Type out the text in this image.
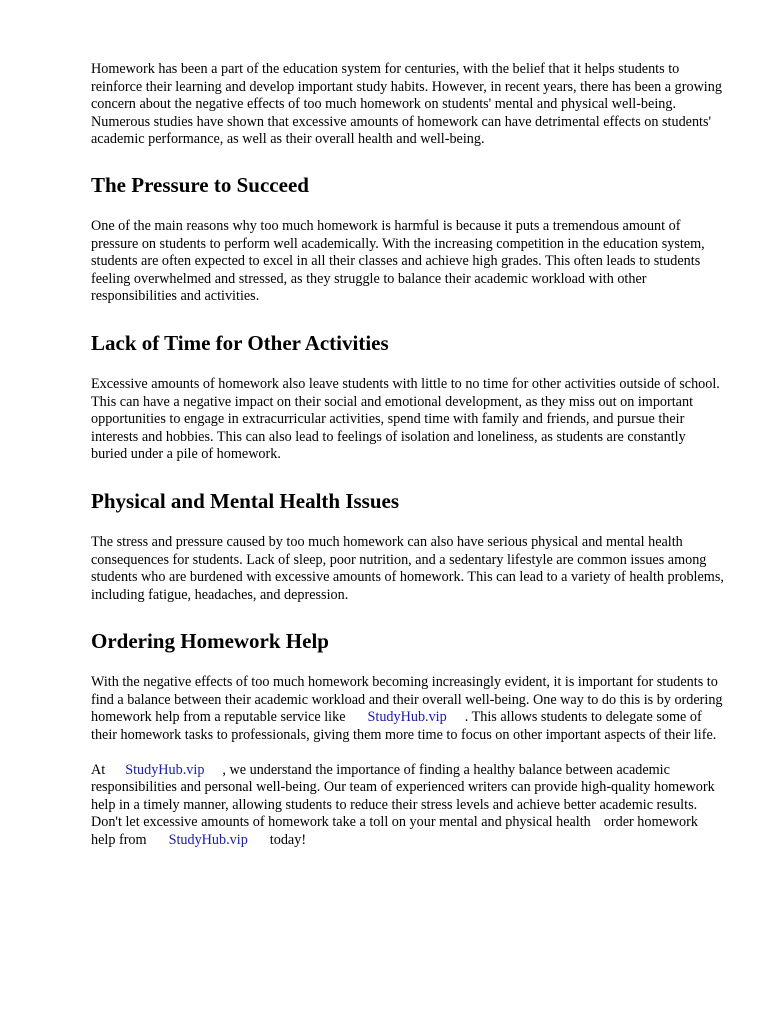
Homework has been a part of the education system for centuries, with the belief that it helps students to reinforce their learning and develop important study habits. However, in recent years, there has been a growing concern about the negative effects of too much homework on students' mental and physical well-being. Numerous studies have shown that excessive amounts of homework can have detrimental effects on students' academic performance, as well as their overall health and well-being.

The Pressure to Succeed

One of the main reasons why too much homework is harmful is because it puts a tremendous amount of pressure on students to perform well academically. With the increasing competition in the education system, students are often expected to excel in all their classes and achieve high grades. This often leads to students feeling overwhelmed and stressed, as they struggle to balance their academic workload with other responsibilities and activities.

Lack of Time for Other Activities

Excessive amounts of homework also leave students with little to no time for other activities outside of school. This can have a negative impact on their social and emotional development, as they miss out on important opportunities to engage in extracurricular activities, spend time with family and friends, and pursue their interests and hobbies. This can also lead to feelings of isolation and loneliness, as students are constantly buried under a pile of homework.

Physical and Mental Health Issues

The stress and pressure caused by too much homework can also have serious physical and mental health consequences for students. Lack of sleep, poor nutrition, and a sedentary lifestyle are common issues among students who are burdened with excessive amounts of homework. This can lead to a variety of health problems, including fatigue, headaches, and depression.

Ordering Homework Help

With the negative effects of too much homework becoming increasingly evident, it is important for students to find a balance between their academic workload and their overall well-being. One way to do this is by ordering homework help from a reputable service like StudyHub.vip . This allows students to delegate some of their homework tasks to professionals, giving them more time to focus on other important aspects of their life.

At StudyHub.vip , we understand the importance of finding a healthy balance between academic responsibilities and personal well-being. Our team of experienced writers can provide high-quality homework help in a timely manner, allowing students to reduce their stress levels and achieve better academic results. Don't let excessive amounts of homework take a toll on your mental and physical health order homework help from StudyHub.vip today!
